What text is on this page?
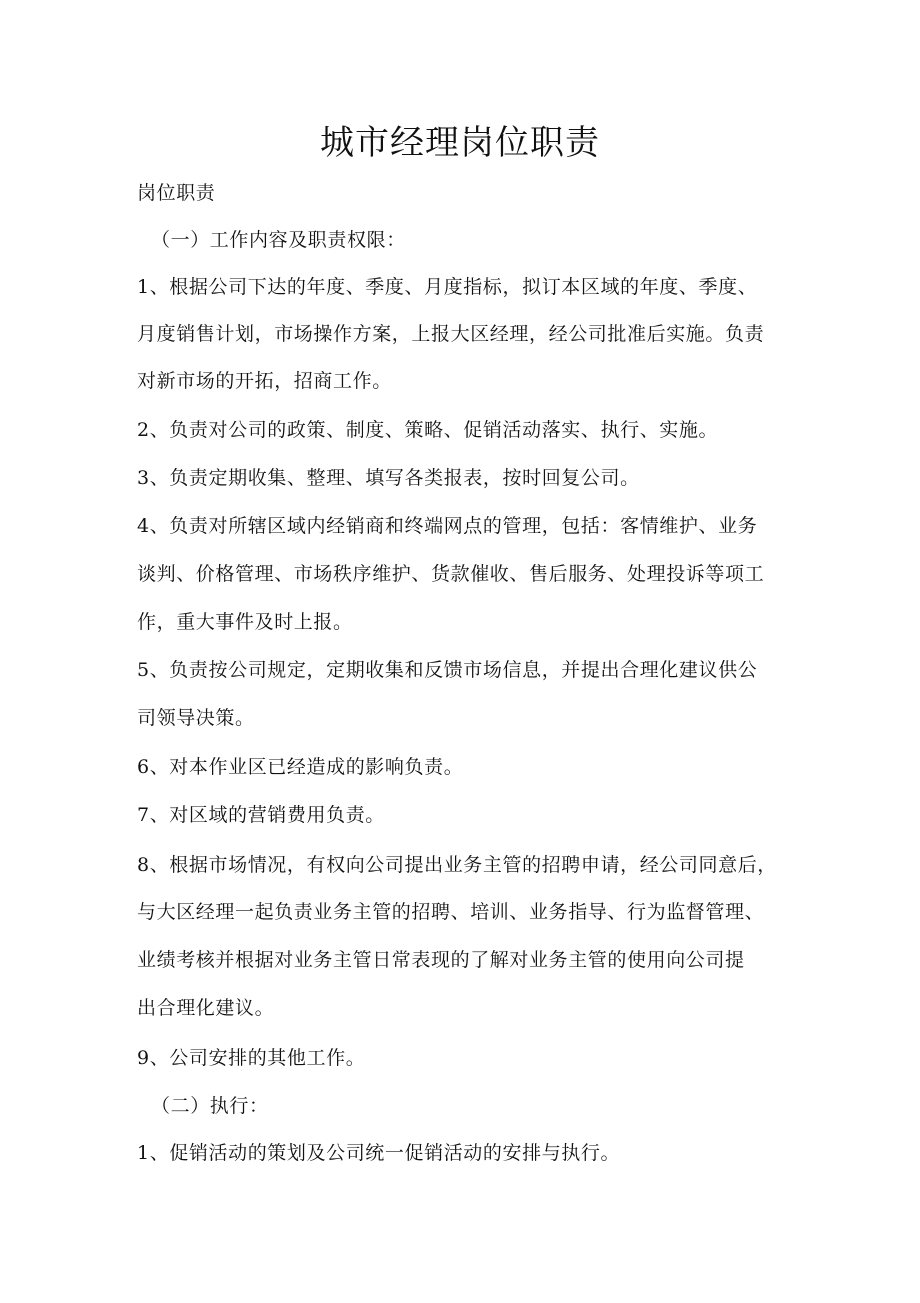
城市经理岗位职责
岗位职责
（一）工作内容及职责权限：
1、根据公司下达的年度、季度、月度指标，拟订本区域的年度、季度、
月度销售计划，市场操作方案，上报大区经理，经公司批准后实施。负责
对新市场的开拓，招商工作。
2、负责对公司的政策、制度、策略、促销活动落实、执行、实施。
3、负责定期收集、整理、填写各类报表，按时回复公司。
4、负责对所辖区域内经销商和终端网点的管理，包括：客情维护、业务
谈判、价格管理、市场秩序维护、货款催收、售后服务、处理投诉等项工
作，重大事件及时上报。
5、负责按公司规定，定期收集和反馈市场信息，并提出合理化建议供公
司领导决策。
6、对本作业区已经造成的影响负责。
7、对区域的营销费用负责。
8、根据市场情况，有权向公司提出业务主管的招聘申请，经公司同意后，
与大区经理一起负责业务主管的招聘、培训、业务指导、行为监督管理、
业绩考核并根据对业务主管日常表现的了解对业务主管的使用向公司提
出合理化建议。
9、公司安排的其他工作。
（二）执行：
1、促销活动的策划及公司统一促销活动的安排与执行。
